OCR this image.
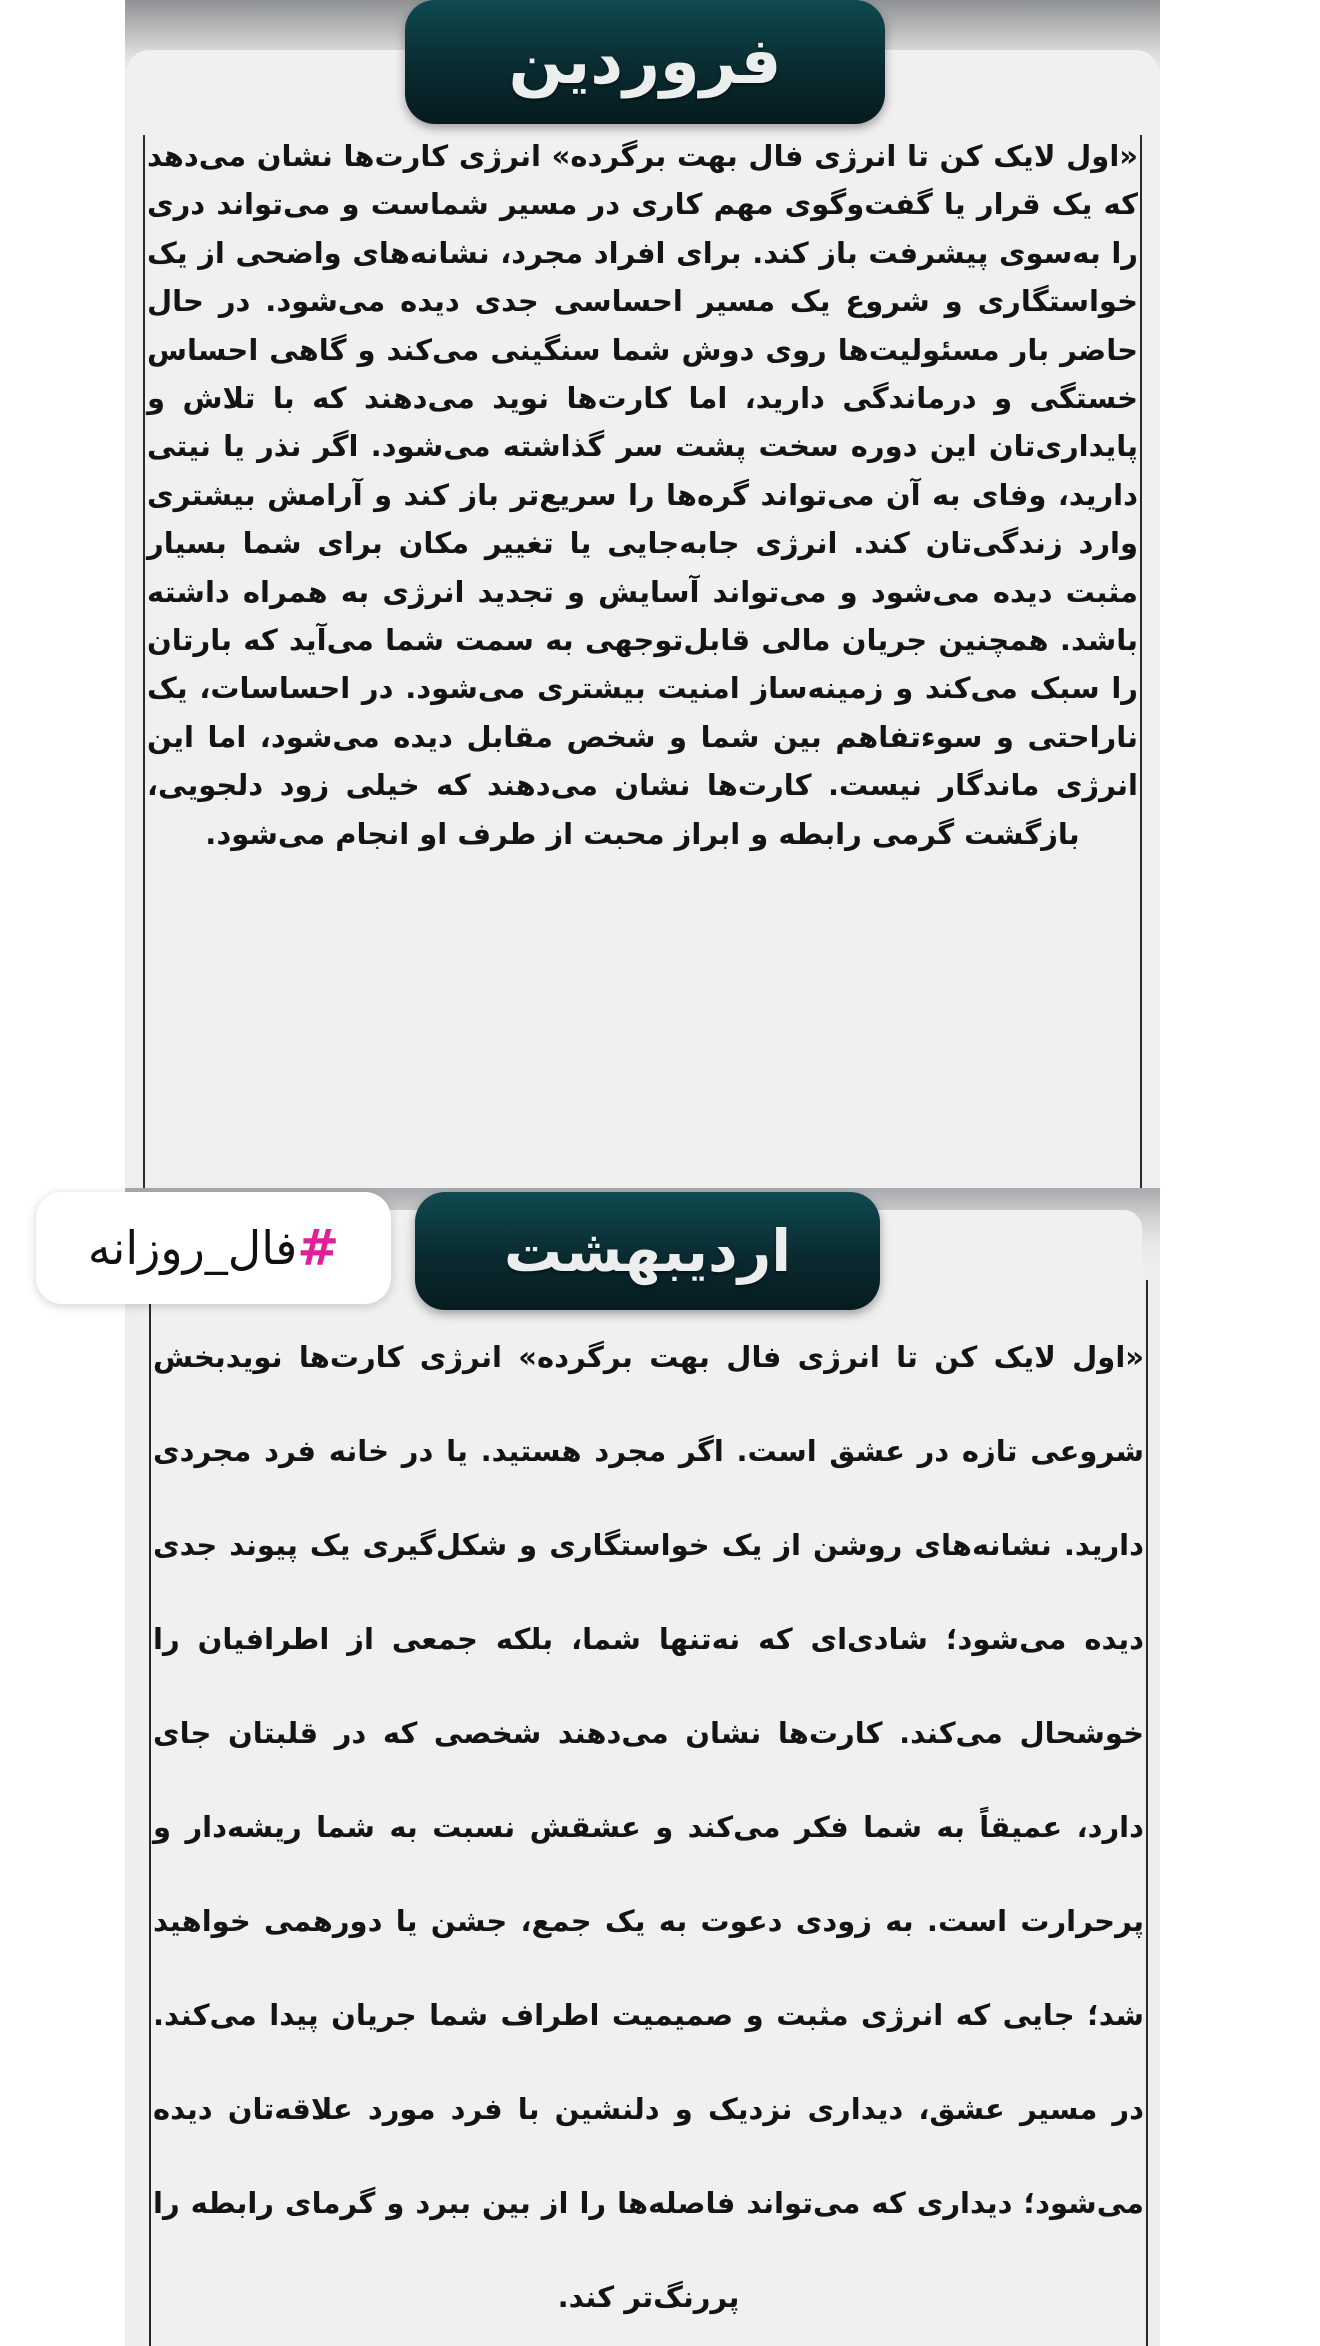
فروردین

«اول لایک کن تا انرژی فال بهت برگرده» انرژی کارت‌ها نشان می‌دهد که یک قرار یا گفت‌وگوی مهم کاری در مسیر شماست و می‌تواند دری را به‌سوی پیشرفت باز کند. برای افراد مجرد، نشانه‌های واضحی از یک خواستگاری و شروع یک مسیر احساسی جدی دیده می‌شود. در حال حاضر بار مسئولیت‌ها روی دوش شما سنگینی می‌کند و گاهی احساس خستگی و درماندگی دارید، اما کارت‌ها نوید می‌دهند که با تلاش و پایداری‌تان این دوره سخت پشت سر گذاشته می‌شود. اگر نذر یا نیتی دارید، وفای به آن می‌تواند گره‌ها را سریع‌تر باز کند و آرامش بیشتری وارد زندگی‌تان کند. انرژی جابه‌جایی یا تغییر مکان برای شما بسیار مثبت دیده می‌شود و می‌تواند آسایش و تجدید انرژی به همراه داشته باشد. همچنین جریان مالی قابل‌توجهی به سمت شما می‌آید که بارتان را سبک می‌کند و زمینه‌ساز امنیت بیشتری می‌شود. در احساسات، یک ناراحتی و سوءتفاهم بین شما و شخص مقابل دیده می‌شود، اما این انرژی ماندگار نیست. کارت‌ها نشان می‌دهند که خیلی زود دلجویی، بازگشت گرمی رابطه و ابراز محبت از طرف او انجام می‌شود.

اردیبهشت

«اول لایک کن تا انرژی فال بهت برگرده» انرژی کارت‌ها نویدبخش شروعی تازه در عشق است. اگر مجرد هستید. یا در خانه فرد مجردی دارید. نشانه‌های روشن از یک خواستگاری و شکل‌گیری یک پیوند جدی دیده می‌شود؛ شادی‌ای که نه‌تنها شما، بلکه جمعی از اطرافیان را خوشحال می‌کند. کارت‌ها نشان می‌دهند شخصی که در قلبتان جای دارد، عمیقاً به شما فکر می‌کند و عشقش نسبت به شما ریشه‌دار و پرحرارت است. به زودی دعوت به یک جمع، جشن یا دورهمی خواهید شد؛ جایی که انرژی مثبت و صمیمیت اطراف شما جریان پیدا می‌کند. در مسیر عشق، دیداری نزدیک و دلنشین با فرد مورد علاقه‌تان دیده می‌شود؛ دیداری که می‌تواند فاصله‌ها را از بین ببرد و گرمای رابطه را پررنگ‌تر کند.

#
فال_روزانه
